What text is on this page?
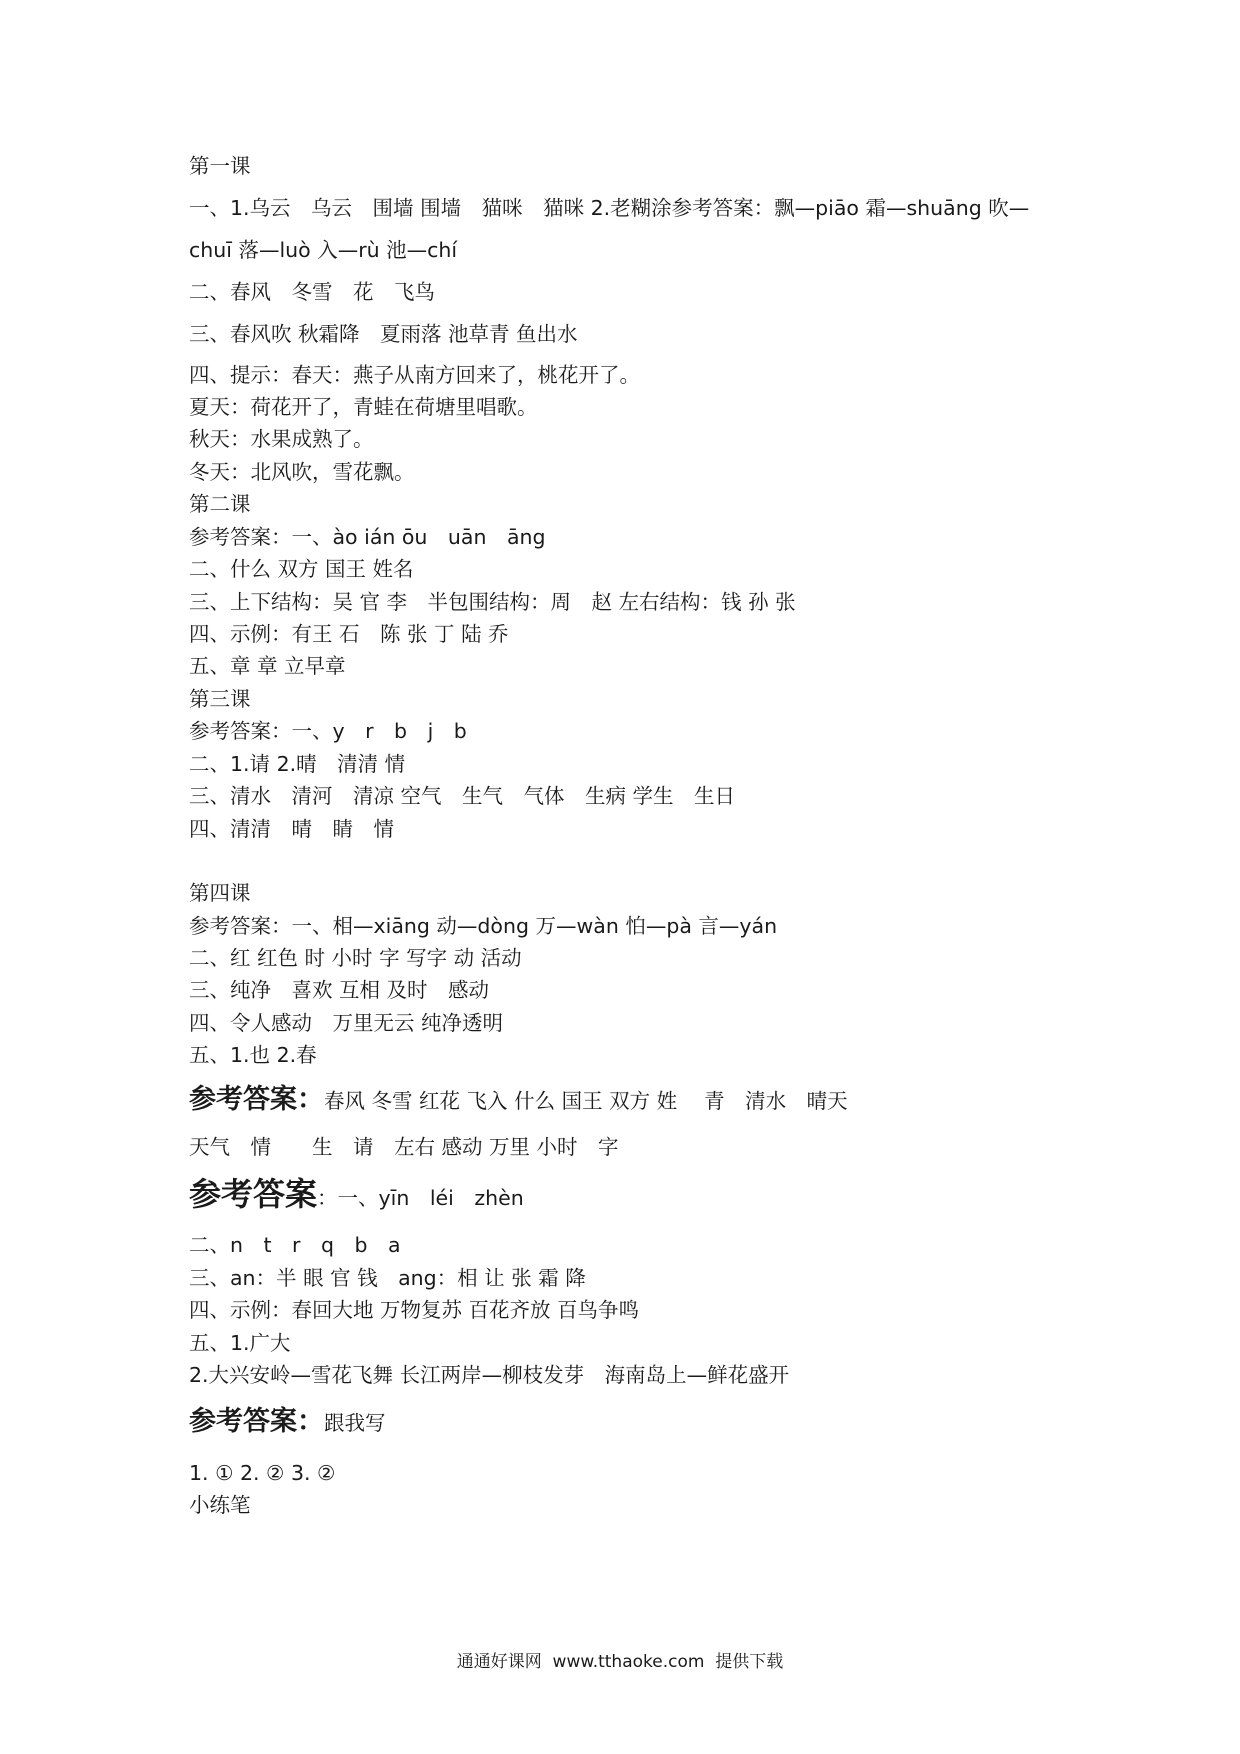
第一课

一、1.乌云　乌云　围墙 围墙　猫咪　猫咪 2.老糊涂参考答案：飘—piāo 霜—shuāng 吹—

chuī 落—luò 入—rù 池—chí

二、春风　冬雪　花　飞鸟

三、春风吹 秋霜降　夏雨落 池草青 鱼出水

四、提示：春天：燕子从南方回来了，桃花开了。

夏天：荷花开了，青蛙在荷塘里唱歌。

秋天：水果成熟了。

冬天：北风吹，雪花飘。

第二课

参考答案：一、ào ián ōu　uān　āng

二、什么 双方 国王 姓名

三、上下结构：吴 官 李　半包围结构：周　赵 左右结构：钱 孙 张

四、示例：有王 石　陈 张 丁 陆 乔

五、章 章 立早章

第三课

参考答案：一、y　r　b　j　b

二、1.请 2.晴　清清 情

三、清水　清河　清凉 空气　生气　气体　生病 学生　生日

四、清清　晴　睛　情

第四课

参考答案：一、相—xiāng 动—dòng 万—wàn 怕—pà 言—yán

二、红 红色 时 小时 字 写字 动 活动

三、纯净　喜欢 互相 及时　感动

四、令人感动　万里无云 纯净透明

五、1.也 2.春

参考答案：春风 冬雪 红花 飞入 什么 国王 双方 姓　 青　清水　晴天

天气　情　　生　请　左右 感动 万里 小时　字

参考答案：一、yīn　léi　zhèn

二、n　t　r　q　b　a

三、an：半 眼 官 钱　ang：相 让 张 霜 降

四、示例：春回大地 万物复苏 百花齐放 百鸟争鸣

五、1.广大

2.大兴安岭—雪花飞舞 长江两岸—柳枝发芽　海南岛上—鲜花盛开

参考答案：跟我写

1. ① 2. ② 3. ②

小练笔

通通好课网  www.tthaoke.com  提供下载
